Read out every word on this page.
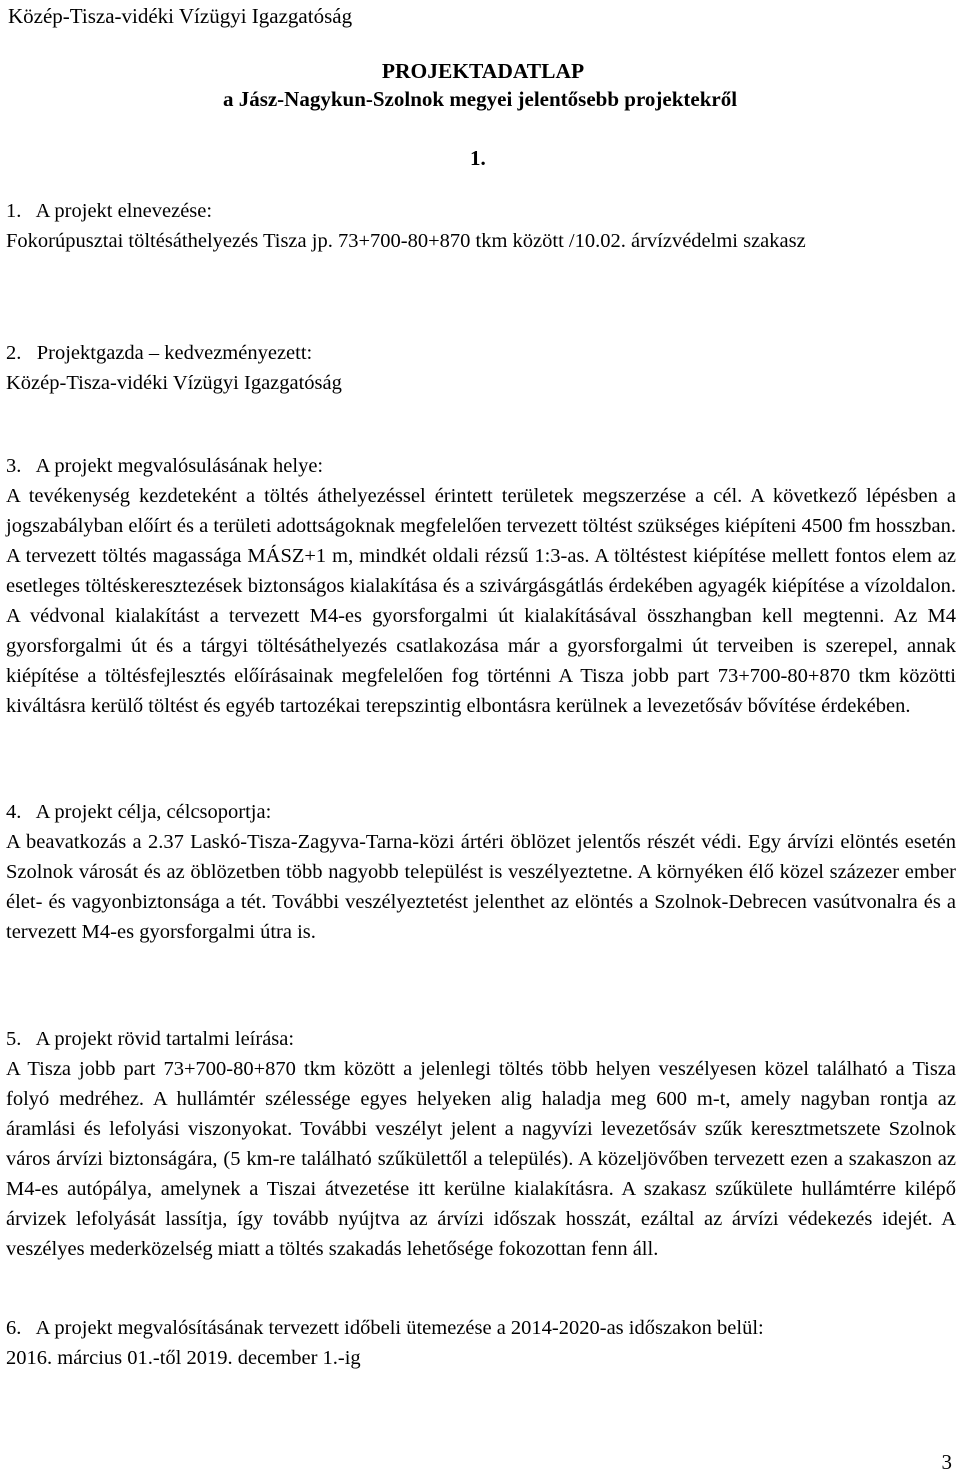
Közép-Tisza-vidéki Vízügyi Igazgatóság
PROJEKTADATLAP
a Jász-Nagykun-Szolnok megyei jelentősebb projektekről
1.
1.   A projekt elnevezése:
Fokorúpusztai töltésáthelyezés Tisza jp. 73+700-80+870 tkm között /10.02. árvízvédelmi szakasz
2.   Projektgazda – kedvezményezett:
Közép-Tisza-vidéki Vízügyi Igazgatóság
3.   A projekt megvalósulásának helye:
A tevékenység kezdeteként a töltés áthelyezéssel érintett területek megszerzése a cél. A következő lépésben a jogszabályban előírt és a területi adottságoknak megfelelően tervezett töltést szükséges kiépíteni 4500 fm hosszban. A tervezett töltés magassága MÁSZ+1 m, mindkét oldali rézsű 1:3-as. A töltéstest kiépítése mellett fontos elem az esetleges töltéskeresztezések biztonságos kialakítása és a szivárgásgátlás érdekében agyagék kiépítése a vízoldalon. A védvonal kialakítást a tervezett M4-es gyorsforgalmi út kialakításával összhangban kell megtenni. Az M4 gyorsforgalmi út és a tárgyi töltésáthelyezés csatlakozása már a gyorsforgalmi út terveiben is szerepel, annak kiépítése a töltésfejlesztés előírásainak megfelelően fog történni A Tisza jobb part 73+700-80+870 tkm közötti kiváltásra kerülő töltést és egyéb tartozékai terepszintig elbontásra kerülnek a levezetősáv bővítése érdekében.
4.   A projekt célja, célcsoportja:
A beavatkozás a 2.37 Laskó-Tisza-Zagyva-Tarna-közi ártéri öblözet jelentős részét védi. Egy árvízi elöntés esetén Szolnok városát és az öblözetben több nagyobb települést is veszélyeztetne. A környéken élő közel százezer ember élet- és vagyonbiztonsága a tét. További veszélyeztetést jelenthet az elöntés a Szolnok-Debrecen vasútvonalra és a tervezett M4-es gyorsforgalmi útra is.
5.   A projekt rövid tartalmi leírása:
A Tisza jobb part 73+700-80+870 tkm között a jelenlegi töltés több helyen veszélyesen közel található a Tisza folyó medréhez. A hullámtér szélessége egyes helyeken alig haladja meg 600 m-t, amely nagyban rontja az áramlási és lefolyási viszonyokat. További veszélyt jelent a nagyvízi levezetősáv szűk keresztmetszete Szolnok város árvízi biztonságára, (5 km-re található szűkülettől a település). A közeljövőben tervezett ezen a szakaszon az M4-es autópálya, amelynek a Tiszai átvezetése itt kerülne kialakításra. A szakasz szűkülete hullámtérre kilépő árvizek lefolyását lassítja, így tovább nyújtva az árvízi időszak hosszát, ezáltal az árvízi védekezés idejét. A veszélyes mederközelség miatt a töltés szakadás lehetősége fokozottan fenn áll.
6.   A projekt megvalósításának tervezett időbeli ütemezése a 2014-2020-as időszakon belül:
2016. március 01.-től 2019. december 1.-ig
3
